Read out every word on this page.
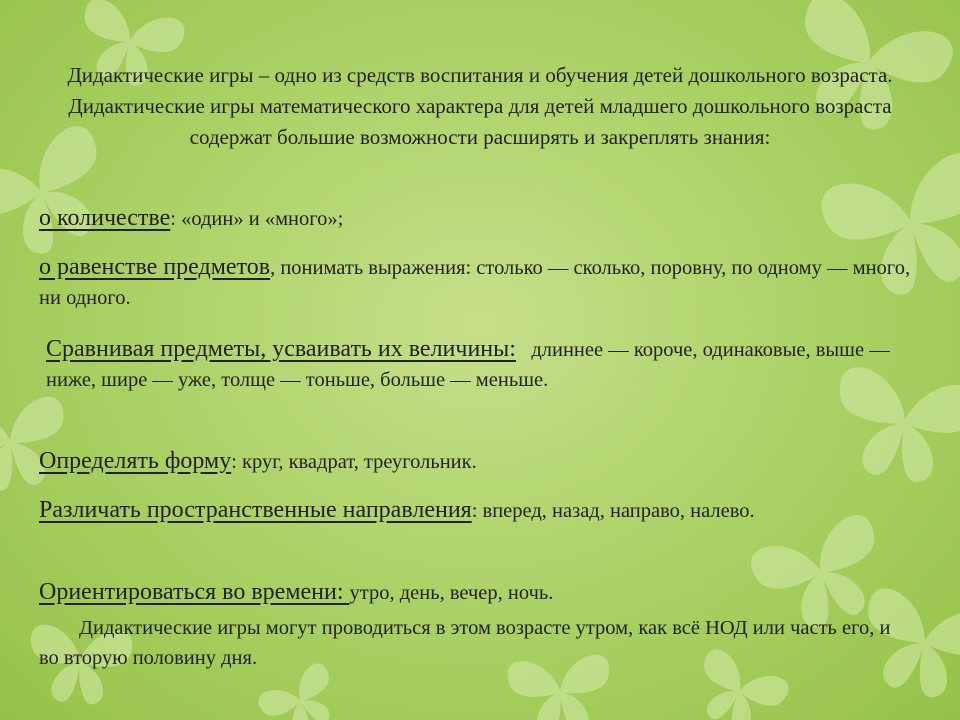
Дидактические игры – одно из средств воспитания и обучения детей дошкольного возраста. Дидактические игры математического характера для детей младшего дошкольного возраста содержат большие возможности расширять и закреплять знания:
о количестве: «один» и «много»;
о равенстве предметов, понимать выражения: столько — сколько, поровну, по одному — много, ни одного.
Сравнивая предметы, усваивать их величины: длиннее — короче, одинаковые, выше — ниже, шире — уже, толще — тоньше, больше — меньше.
Определять форму: круг, квадрат, треугольник.
Различать пространственные направления: вперед, назад, направо, налево.
Ориентироваться во времени: утро, день, вечер, ночь.
Дидактические игры могут проводиться в этом возрасте утром, как всё НОД или часть его, и во вторую половину дня.
